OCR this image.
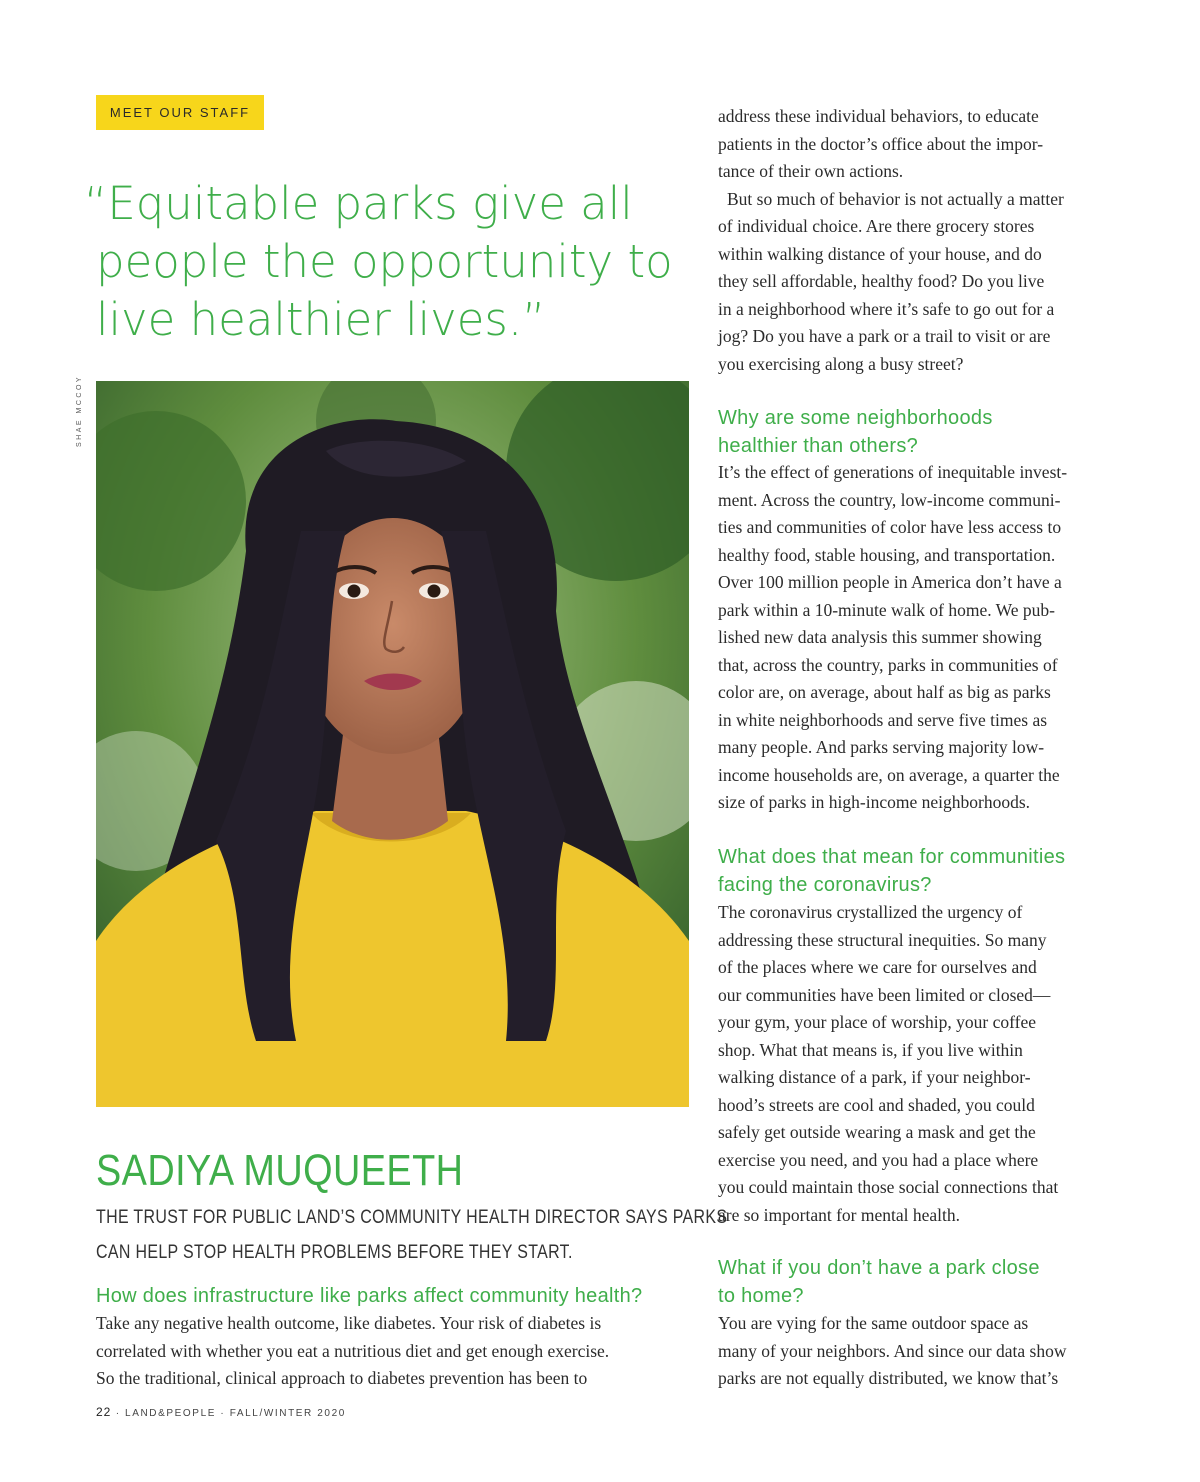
MEET OUR STAFF
“Equitable parks give all
people the opportunity to
live healthier lives.”
SHAE MCCOY
SADIYA MUQUEETH

THE TRUST FOR PUBLIC LAND’S COMMUNITY HEALTH DIRECTOR SAYS PARKS
CAN HELP STOP HEALTH PROBLEMS BEFORE THEY START.

How does infrastructure like parks affect community health?
Take any negative health outcome, like diabetes. Your risk of diabetes is
correlated with whether you eat a nutritious diet and get enough exercise.
So the traditional, clinical approach to diabetes prevention has been to
address these individual behaviors, to educate
patients in the doctor’s office about the impor-
tance of their own actions.
But so much of behavior is not actually a matter
of individual choice. Are there grocery stores
within walking distance of your house, and do
they sell affordable, healthy food? Do you live
in a neighborhood where it’s safe to go out for a
jog? Do you have a park or a trail to visit or are
you exercising along a busy street?
Why are some neighborhoods
healthier than others?
It’s the effect of generations of inequitable invest-
ment. Across the country, low-income communi-
ties and communities of color have less access to
healthy food, stable housing, and transportation.
Over 100 million people in America don’t have a
park within a 10-minute walk of home. We pub-
lished new data analysis this summer showing
that, across the country, parks in communities of
color are, on average, about half as big as parks
in white neighborhoods and serve five times as
many people. And parks serving majority low-
income households are, on average, a quarter the
size of parks in high-income neighborhoods.
What does that mean for communities
facing the coronavirus?
The coronavirus crystallized the urgency of
addressing these structural inequities. So many
of the places where we care for ourselves and
our communities have been limited or closed—
your gym, your place of worship, your coffee
shop. What that means is, if you live within
walking distance of a park, if your neighbor-
hood’s streets are cool and shaded, you could
safely get outside wearing a mask and get the
exercise you need, and you had a place where
you could maintain those social connections that
are so important for mental health.
What if you don’t have a park close
to home?
You are vying for the same outdoor space as
many of your neighbors. And since our data show
parks are not equally distributed, we know that’s
22 · LAND&PEOPLE · FALL/WINTER 2020
